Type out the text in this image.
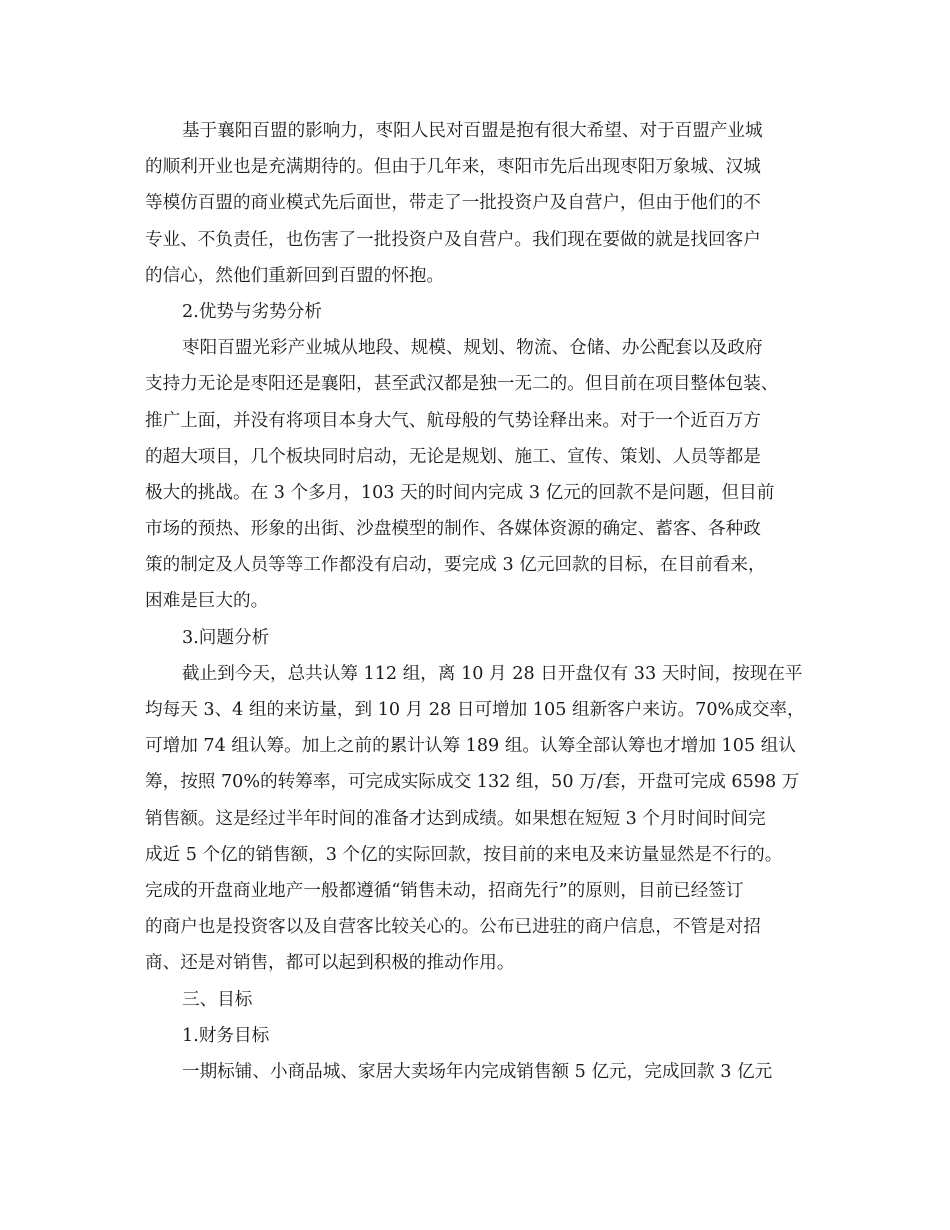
基于襄阳百盟的影响力，枣阳人民对百盟是抱有很大希望、对于百盟产业城
的顺利开业也是充满期待的。但由于几年来，枣阳市先后出现枣阳万象城、汉城
等模仿百盟的商业模式先后面世，带走了一批投资户及自营户，但由于他们的不
专业、不负责任，也伤害了一批投资户及自营户。我们现在要做的就是找回客户
的信心，然他们重新回到百盟的怀抱。
2.优势与劣势分析
枣阳百盟光彩产业城从地段、规模、规划、物流、仓储、办公配套以及政府
支持力无论是枣阳还是襄阳，甚至武汉都是独一无二的。但目前在项目整体包装、
推广上面，并没有将项目本身大气、航母般的气势诠释出来。对于一个近百万方
的超大项目，几个板块同时启动，无论是规划、施工、宣传、策划、人员等都是
极大的挑战。在 3 个多月，103 天的时间内完成 3 亿元的回款不是问题，但目前
市场的预热、形象的出街、沙盘模型的制作、各媒体资源的确定、蓄客、各种政
策的制定及人员等等工作都没有启动，要完成 3 亿元回款的目标，在目前看来，
困难是巨大的。
3.问题分析
截止到今天，总共认筹 112 组，离 10 月 28 日开盘仅有 33 天时间，按现在平
均每天 3、4 组的来访量，到 10 月 28 日可增加 105 组新客户来访。70%成交率，
可增加 74 组认筹。加上之前的累计认筹 189 组。认筹全部认筹也才增加 105 组认
筹，按照 70%的转筹率，可完成实际成交 132 组，50 万/套，开盘可完成 6598 万
销售额。这是经过半年时间的准备才达到成绩。如果想在短短 3 个月时间时间完
成近 5 个亿的销售额，3 个亿的实际回款，按目前的来电及来访量显然是不行的。
完成的开盘商业地产一般都遵循“销售未动，招商先行”的原则，目前已经签订
的商户也是投资客以及自营客比较关心的。公布已进驻的商户信息，不管是对招
商、还是对销售，都可以起到积极的推动作用。
三、目标
1.财务目标
一期标铺、小商品城、家居大卖场年内完成销售额 5 亿元，完成回款 3 亿元
